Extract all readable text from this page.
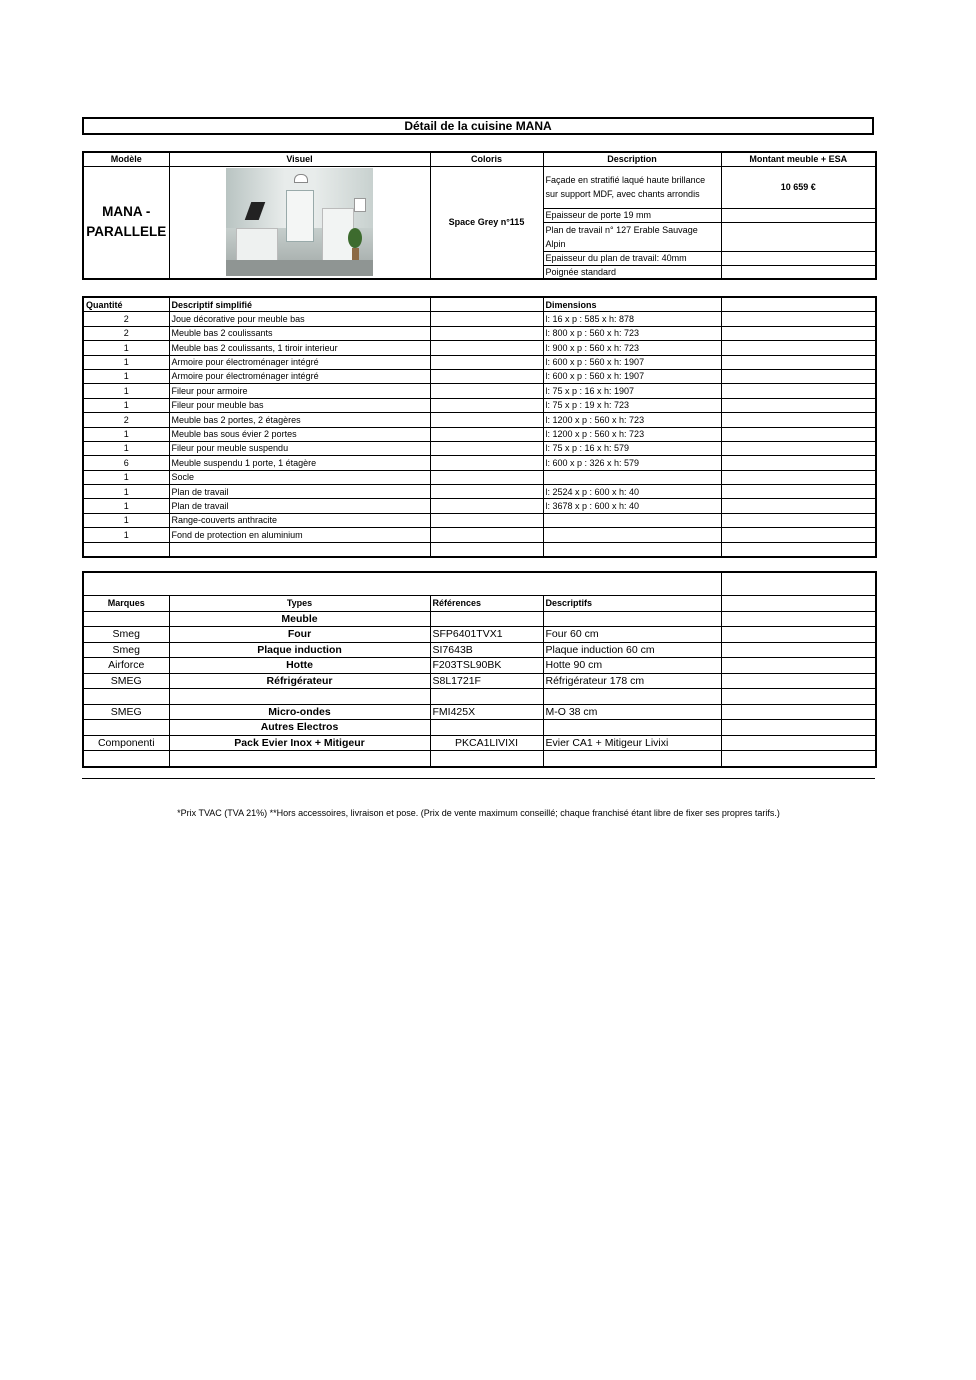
Détail de la cuisine MANA
Modèle	Visuel	Coloris	Description	Montant meuble + ESA
MANA - PARALLELE		Space Grey n°115	Façade en stratifié laqué haute brillance sur support MDF, avec chants arrondis	10 659 €
			Epaisseur de porte 19 mm	
			Plan de travail n° 127 Erable Sauvage Alpin	
			Epaisseur du plan de travail: 40mm	
			Poignée standard	
Quantité	Descriptif simplifié		Dimensions	
2	Joue décorative pour meuble bas		l: 16 x p : 585 x h: 878	
2	Meuble bas 2 coulissants		l: 800 x p : 560 x h: 723	
1	Meuble bas 2 coulissants, 1 tiroir interieur		l: 900 x p : 560 x h: 723	
1	Armoire pour électroménager intégré		l: 600 x p : 560 x h: 1907	
1	Armoire pour électroménager intégré		l: 600 x p : 560 x h: 1907	
1	Fileur pour armoire		l: 75 x p : 16 x h: 1907	
1	Fileur pour meuble bas		l: 75 x p : 19 x h: 723	
2	Meuble bas 2 portes, 2 étagères		l: 1200 x p : 560 x h: 723	
1	Meuble bas sous évier 2 portes		l: 1200 x p : 560 x h: 723	
1	Fileur pour meuble suspendu		l: 75 x p : 16 x h: 579	
6	Meuble suspendu 1 porte, 1 étagère		l: 600 x p : 326 x h: 579	
1	Socle			
1	Plan de travail		l: 2524 x p : 600 x h: 40	
1	Plan de travail		l: 3678 x p : 600 x h: 40	
1	Range-couverts anthracite			
1	Fond de protection en aluminium			

Marques	Types	Références	Descriptifs	
	Meuble			
Smeg	Four	SFP6401TVX1	Four 60 cm	
Smeg	Plaque induction	SI7643B	Plaque induction 60 cm	
Airforce	Hotte	F203TSL90BK	Hotte 90 cm	
SMEG	Réfrigérateur	S8L1721F	Réfrigérateur 178 cm	

SMEG	Micro-ondes	FMI425X	M-O 38 cm	
	Autres Electros			
Componenti	Pack Evier Inox + Mitigeur	PKCA1LIVIXI	Evier CA1 + Mitigeur Livixi	

*Prix TVAC (TVA 21%) **Hors accessoires, livraison et pose. (Prix de vente maximum conseillé; chaque franchisé étant libre de fixer ses propres tarifs.)
